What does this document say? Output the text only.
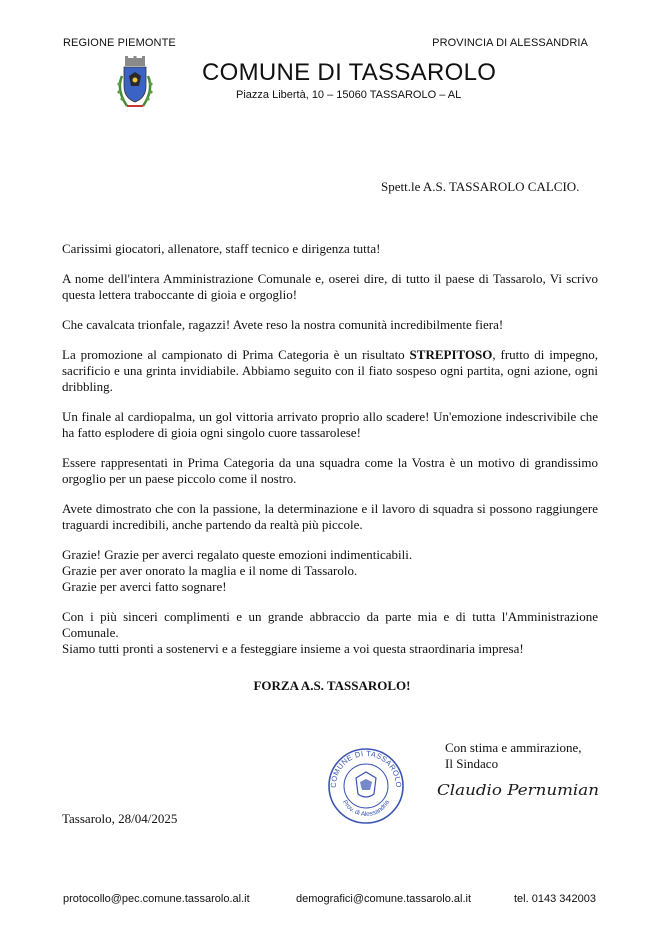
REGIONE PIEMONTE	PROVINCIA DI ALESSANDRIA
COMUNE DI TASSAROLO
Piazza Libertà, 10 – 15060 TASSAROLO – AL
Spett.le A.S. TASSAROLO CALCIO.

Carissimi giocatori, allenatore, staff tecnico e dirigenza tutta!

A nome dell'intera Amministrazione Comunale e, oserei dire, di tutto il paese di Tassarolo, Vi scrivo questa lettera traboccante di gioia e orgoglio!

Che cavalcata trionfale, ragazzi! Avete reso la nostra comunità incredibilmente fiera!

La promozione al campionato di Prima Categoria è un risultato STREPITOSO, frutto di impegno, sacrificio e una grinta invidiabile. Abbiamo seguito con il fiato sospeso ogni partita, ogni azione, ogni dribbling.

Un finale al cardiopalma, un gol vittoria arrivato proprio allo scadere! Un'emozione indescrivibile che ha fatto esplodere di gioia ogni singolo cuore tassarolese!

Essere rappresentati in Prima Categoria da una squadra come la Vostra è un motivo di grandissimo orgoglio per un paese piccolo come il nostro.

Avete dimostrato che con la passione, la determinazione e il lavoro di squadra si possono raggiungere traguardi incredibili, anche partendo da realtà più piccole.

Grazie! Grazie per averci regalato queste emozioni indimenticabili.
Grazie per aver onorato la maglia e il nome di Tassarolo.
Grazie per averci fatto sognare!

Con i più sinceri complimenti e un grande abbraccio da parte mia e di tutta l'Amministrazione Comunale.
Siamo tutti pronti a sostenervi e a festeggiare insieme a voi questa straordinaria impresa!

FORZA A.S. TASSAROLO!
COMUNE DI TASSAROLO
Prov. di Alessandria
Con stima e ammirazione,
Il Sindaco
Claudio Pernumian
Tassarolo, 28/04/2025
protocollo@pec.comune.tassarolo.al.it	demografici@comune.tassarolo.al.it	tel. 0143 342003
